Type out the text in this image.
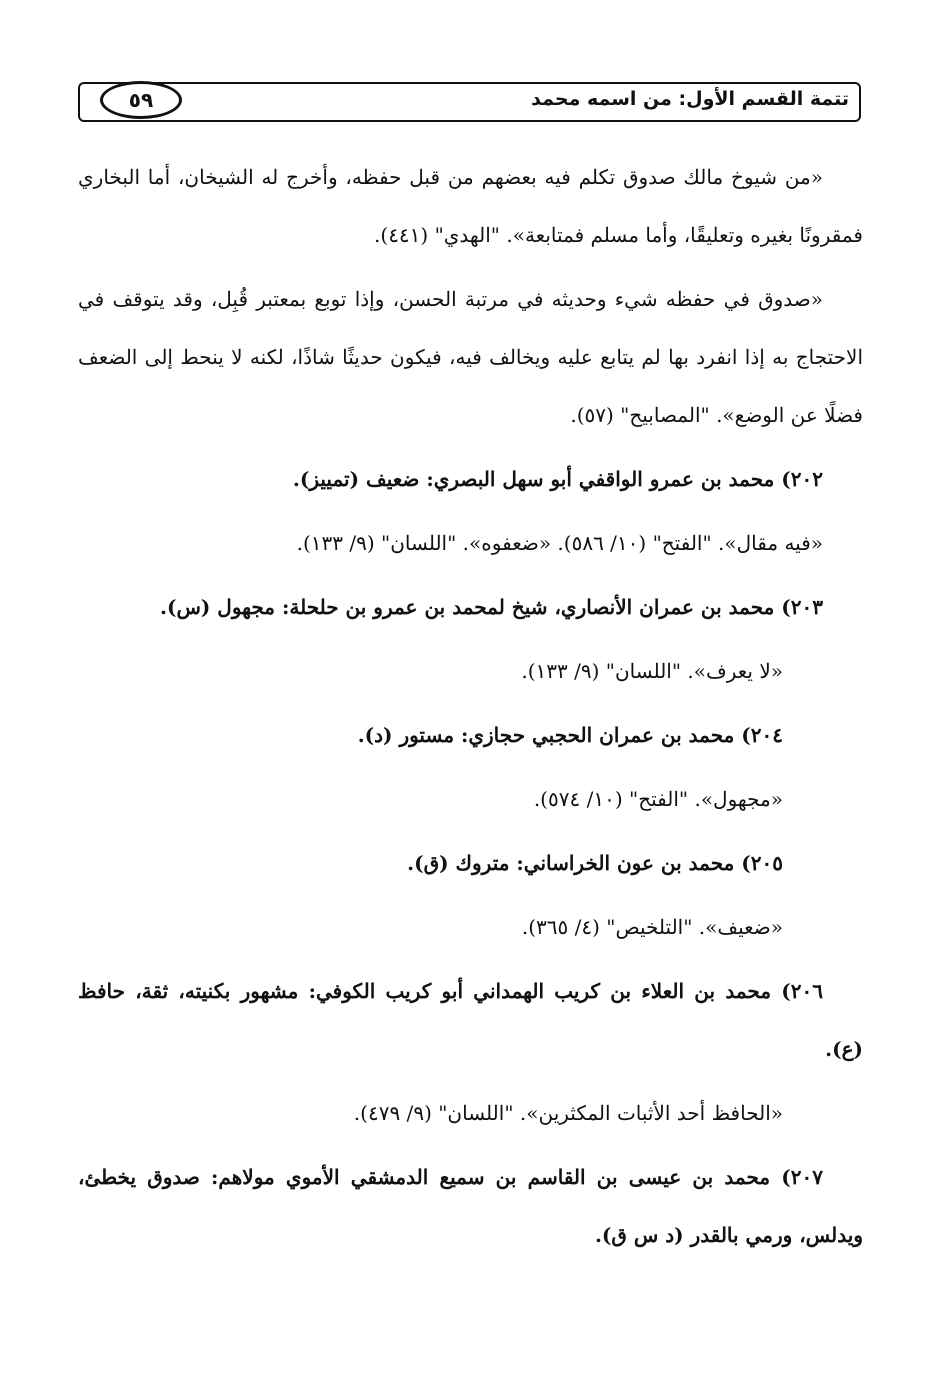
تتمة القسم الأول: من اسمه محمد
٥٩

«من شيوخ مالك صدوق تكلم فيه بعضهم من قبل حفظه، وأخرج له الشيخان، أما البخاري فمقرونًا بغيره وتعليقًا، وأما مسلم فمتابعة». "الهدي" (٤٤١).

«صدوق في حفظه شيء وحديثه في مرتبة الحسن، وإذا توبع بمعتبر قُبِل، وقد يتوقف في الاحتجاج به إذا انفرد بها لم يتابع عليه ويخالف فيه، فيكون حديثًا شاذًا، لكنه لا ينحط إلى الضعف فضلًا عن الوضع». "المصابيح" (٥٧).

٢٠٢) محمد بن عمرو الواقفي أبو سهل البصري: ضعيف (تمييز).

«فيه مقال». "الفتح" (١٠/ ٥٨٦). «ضعفوه». "اللسان" (٩/ ١٣٣).

٢٠٣) محمد بن عمران الأنصاري، شيخ لمحمد بن عمرو بن حلحلة: مجهول (س).

«لا يعرف». "اللسان" (٩/ ١٣٣).

٢٠٤) محمد بن عمران الحجبي حجازي: مستور (د).

«مجهول». "الفتح" (١٠/ ٥٧٤).

٢٠٥) محمد بن عون الخراساني: متروك (ق).

«ضعيف». "التلخيص" (٤/ ٣٦٥).

٢٠٦) محمد بن العلاء بن كريب الهمداني أبو كريب الكوفي: مشهور بكنيته، ثقة، حافظ (ع).

«الحافظ أحد الأثبات المكثرين». "اللسان" (٩/ ٤٧٩).

٢٠٧) محمد بن عيسى بن القاسم بن سميع الدمشقي الأموي مولاهم: صدوق يخطئ، ويدلس، ورمي بالقدر (د س ق).
